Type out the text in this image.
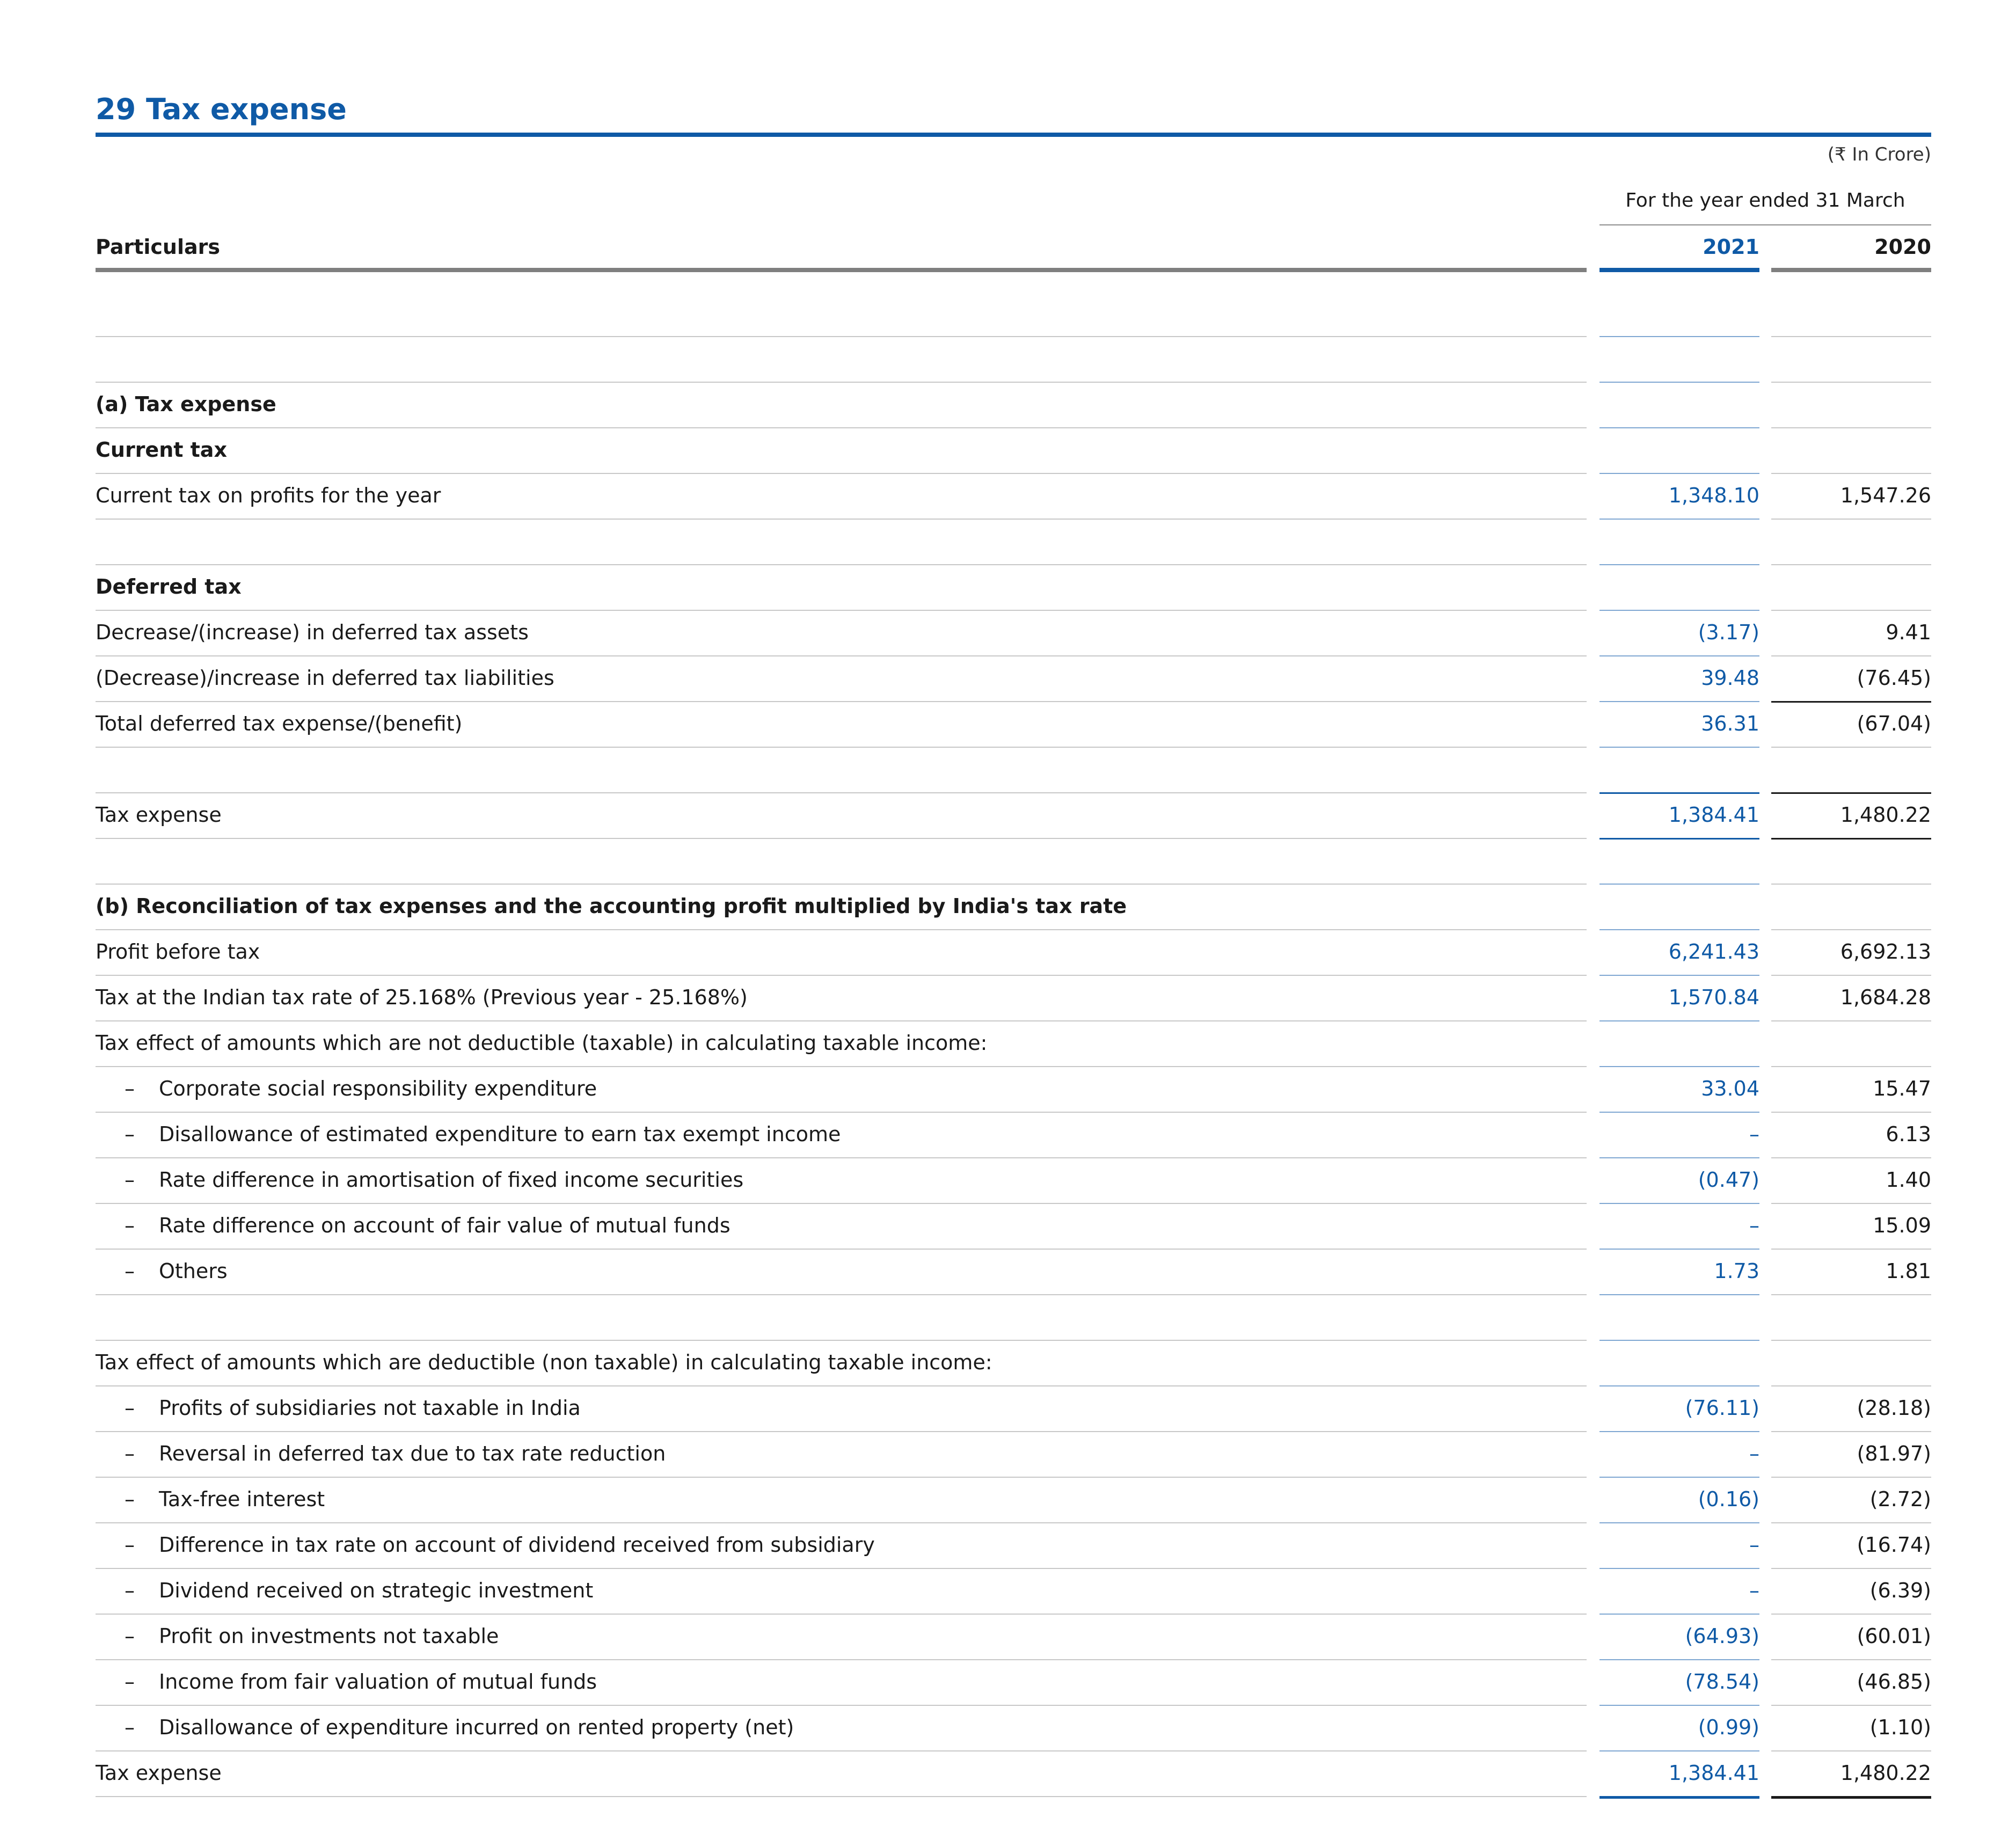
29 Tax expense
(₹ In Crore)
For the year ended 31 March
Particulars	2021	2020
(a) Tax expense
Current tax
Current tax on profits for the year	1,348.10	1,547.26
Deferred tax
Decrease/(increase) in deferred tax assets	(3.17)	9.41
(Decrease)/increase in deferred tax liabilities	39.48	(76.45)
Total deferred tax expense/(benefit)	36.31	(67.04)
Tax expense	1,384.41	1,480.22
(b) Reconciliation of tax expenses and the accounting profit multiplied by India's tax rate
Profit before tax	6,241.43	6,692.13
Tax at the Indian tax rate of 25.168% (Previous year - 25.168%)	1,570.84	1,684.28
Tax effect of amounts which are not deductible (taxable) in calculating taxable income:
– Corporate social responsibility expenditure	33.04	15.47
– Disallowance of estimated expenditure to earn tax exempt income	–	6.13
– Rate difference in amortisation of fixed income securities	(0.47)	1.40
– Rate difference on account of fair value of mutual funds	–	15.09
– Others	1.73	1.81
Tax effect of amounts which are deductible (non taxable) in calculating taxable income:
– Profits of subsidiaries not taxable in India	(76.11)	(28.18)
– Reversal in deferred tax due to tax rate reduction	–	(81.97)
– Tax-free interest	(0.16)	(2.72)
– Difference in tax rate on account of dividend received from subsidiary	–	(16.74)
– Dividend received on strategic investment	–	(6.39)
– Profit on investments not taxable	(64.93)	(60.01)
– Income from fair valuation of mutual funds	(78.54)	(46.85)
– Disallowance of expenditure incurred on rented property (net)	(0.99)	(1.10)
Tax expense	1,384.41	1,480.22
